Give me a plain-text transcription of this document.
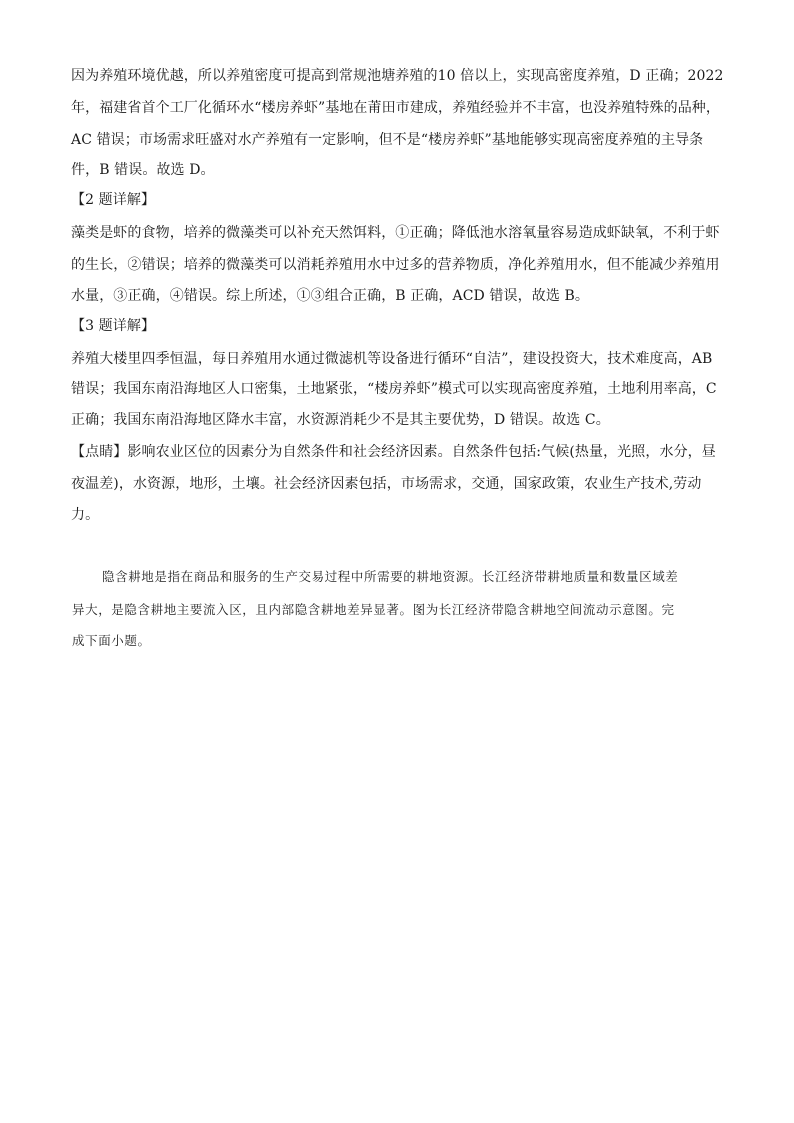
因为养殖环境优越，所以养殖密度可提高到常规池塘养殖的10 倍以上，实现高密度养殖，D 正确；2022
年，福建省首个工厂化循环水“楼房养虾”基地在莆田市建成，养殖经验并不丰富，也没养殖特殊的品种，
AC 错误；市场需求旺盛对水产养殖有一定影响，但不是“楼房养虾”基地能够实现高密度养殖的主导条
件，B 错误。故选 D。
【2 题详解】
藻类是虾的食物，培养的微藻类可以补充天然饵料，①正确；降低池水溶氧量容易造成虾缺氧，不利于虾
的生长，②错误；培养的微藻类可以消耗养殖用水中过多的营养物质，净化养殖用水，但不能减少养殖用
水量，③正确，④错误。综上所述，①③组合正确，B 正确，ACD 错误，故选 B。
【3 题详解】
养殖大楼里四季恒温，每日养殖用水通过微滤机等设备进行循环“自洁”，建设投资大，技术难度高，AB
错误；我国东南沿海地区人口密集，土地紧张，“楼房养虾”模式可以实现高密度养殖，土地利用率高，C
正确；我国东南沿海地区降水丰富，水资源消耗少不是其主要优势，D 错误。故选 C。
【点睛】影响农业区位的因素分为自然条件和社会经济因素。自然条件包括:气候(热量，光照，水分，昼
夜温差)，水资源，地形，土壤。社会经济因素包括，市场需求，交通，国家政策，农业生产技术,劳动
力。
隐含耕地是指在商品和服务的生产交易过程中所需要的耕地资源。长江经济带耕地质量和数量区域差
异大，是隐含耕地主要流入区，且内部隐含耕地差异显著。图为长江经济带隐含耕地空间流动示意图。完
成下面小题。
